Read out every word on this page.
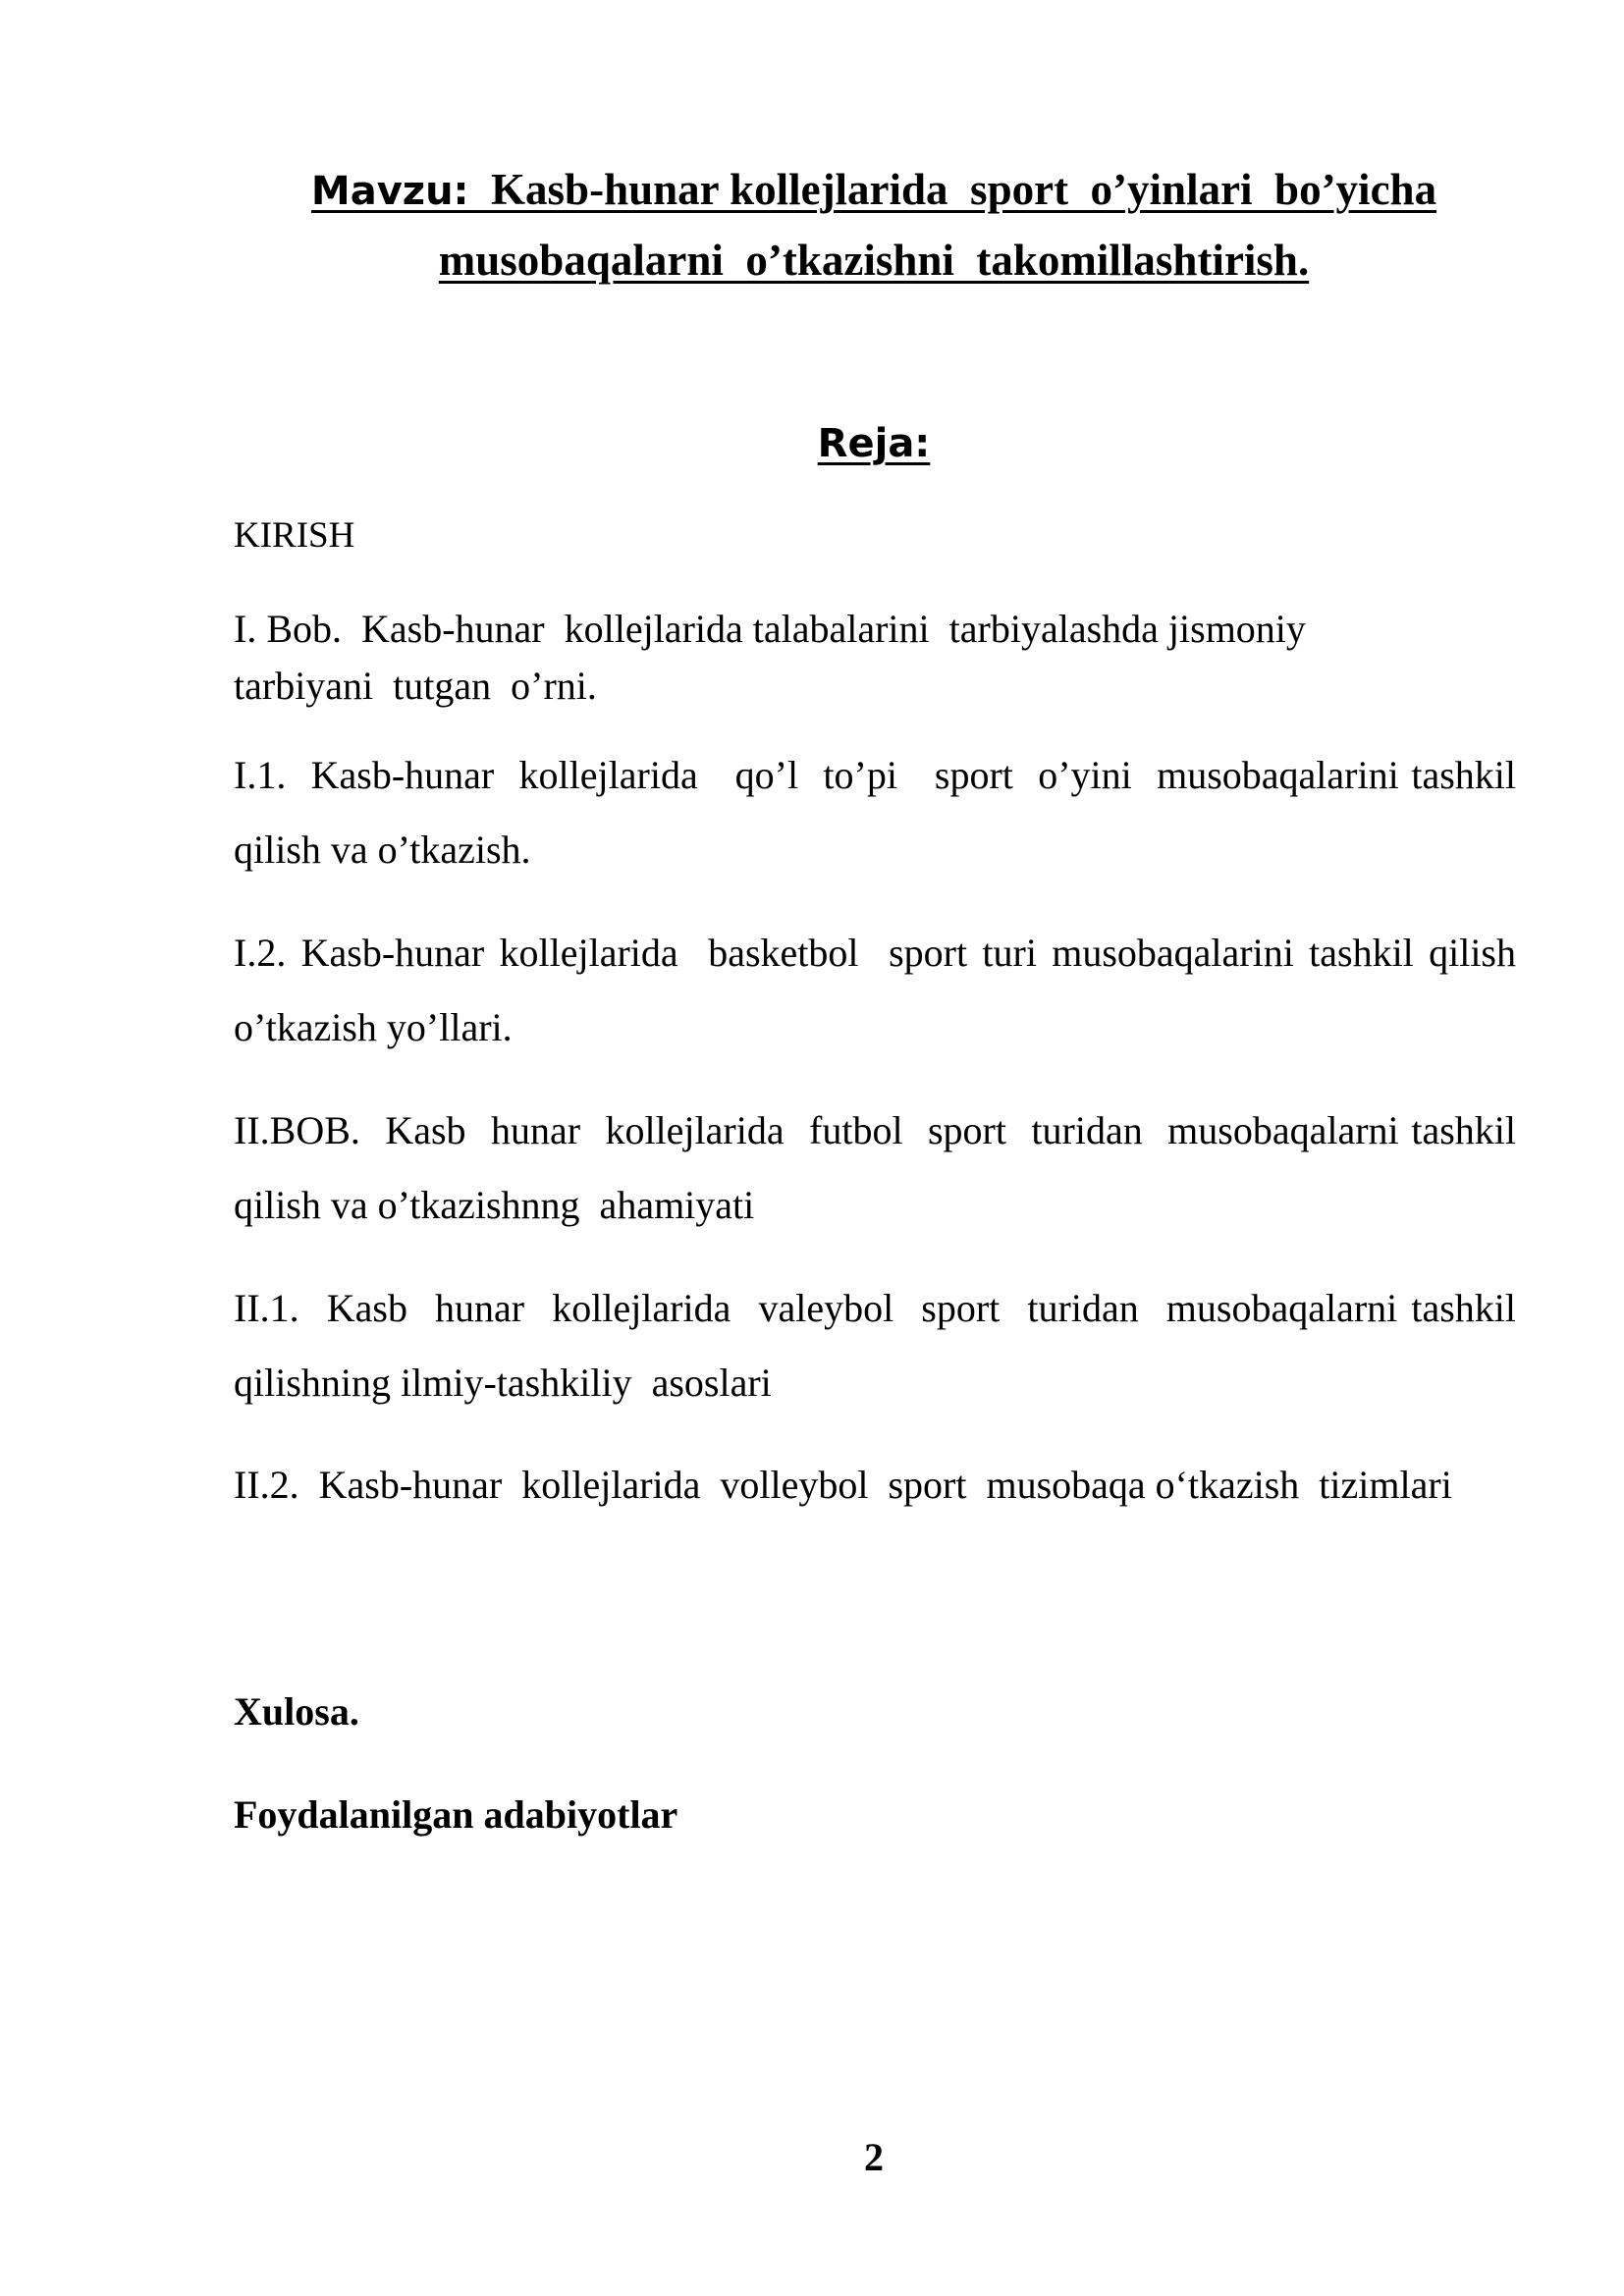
Mavzu:  Kasb-hunar kollejlarida  sport  o’yinlari  bo’yicha
musobaqalarni  o’tkazishni  takomillashtirish.
Reja:

KIRISH

I. Bob.  Kasb-hunar  kollejlarida talabalarini  tarbiyalashda jismoniy  tarbiyani  tutgan  o’rni.

I.1.  Kasb-hunar  kollejlarida   qo’l  to’pi   sport  o’yini  musobaqalarini tashkil qilish va o’tkazish.

I.2. Kasb-hunar kollejlarida  basketbol  sport turi musobaqalarini tashkil qilish o’tkazish yo’llari.

II.BOB.  Kasb  hunar  kollejlarida  futbol  sport  turidan  musobaqalarni tashkil  qilish va o’tkazishnng  ahamiyati

II.1.  Kasb  hunar  kollejlarida  valeybol  sport  turidan  musobaqalarni tashkil  qilishning ilmiy-tashkiliy  asoslari

II.2.  Kasb-hunar  kollejlarida  volleybol  sport  musobaqa o‘tkazish  tizimlari

Xulosa.

Foydalanilgan adabiyotlar

2
